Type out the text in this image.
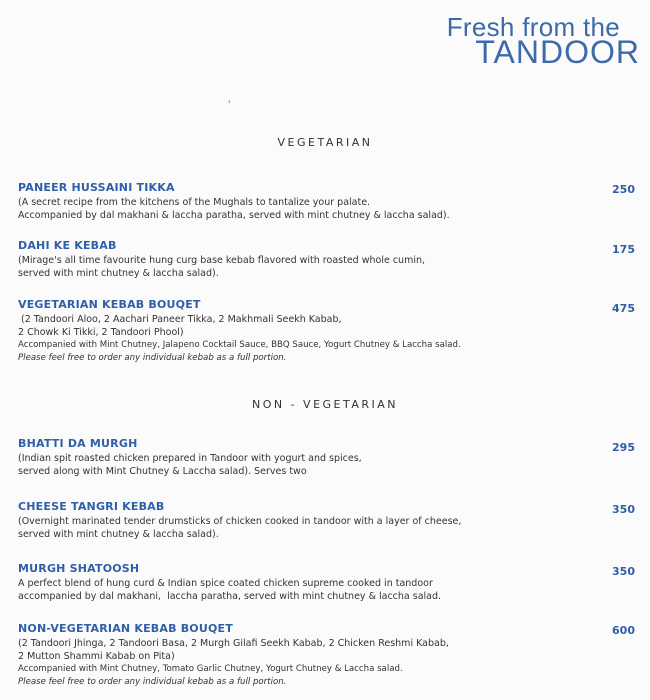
Fresh from the
TANDOOR
'
VEGETARIAN
250
PANEER HUSSAINI TIKKA
(A secret recipe from the kitchens of the Mughals to tantalize your palate.
Accompanied by dal makhani & laccha paratha, served with mint chutney & laccha salad).
175
DAHI KE KEBAB
(Mirage's all time favourite hung curg base kebab flavored with roasted whole cumin,
served with mint chutney & laccha salad).
475
VEGETARIAN KEBAB BOUQET
(2 Tandoori Aloo, 2 Aachari Paneer Tikka, 2 Makhmali Seekh Kabab,
2 Chowk Ki Tikki, 2 Tandoori Phool)
Accompanied with Mint Chutney, Jalapeno Cocktail Sauce, BBQ Sauce, Yogurt Chutney & Laccha salad.
Please feel free to order any individual kebab as a full portion.
NON - VEGETARIAN
295
BHATTI DA MURGH
(Indian spit roasted chicken prepared in Tandoor with yogurt and spices,
served along with Mint Chutney & Laccha salad). Serves two
350
CHEESE TANGRI KEBAB
(Overnight marinated tender drumsticks of chicken cooked in tandoor with a layer of cheese,
served with mint chutney & laccha salad).
350
MURGH SHATOOSH
A perfect blend of hung curd & Indian spice coated chicken supreme cooked in tandoor
accompanied by dal makhani,  laccha paratha, served with mint chutney & laccha salad.
600
NON-VEGETARIAN KEBAB BOUQET
(2 Tandoori Jhinga, 2 Tandoori Basa, 2 Murgh Gilafi Seekh Kabab, 2 Chicken Reshmi Kabab,
2 Mutton Shammi Kabab on Pita)
Accompanied with Mint Chutney, Tomato Garlic Chutney, Yogurt Chutney & Laccha salad.
Please feel free to order any individual kebab as a full portion.
